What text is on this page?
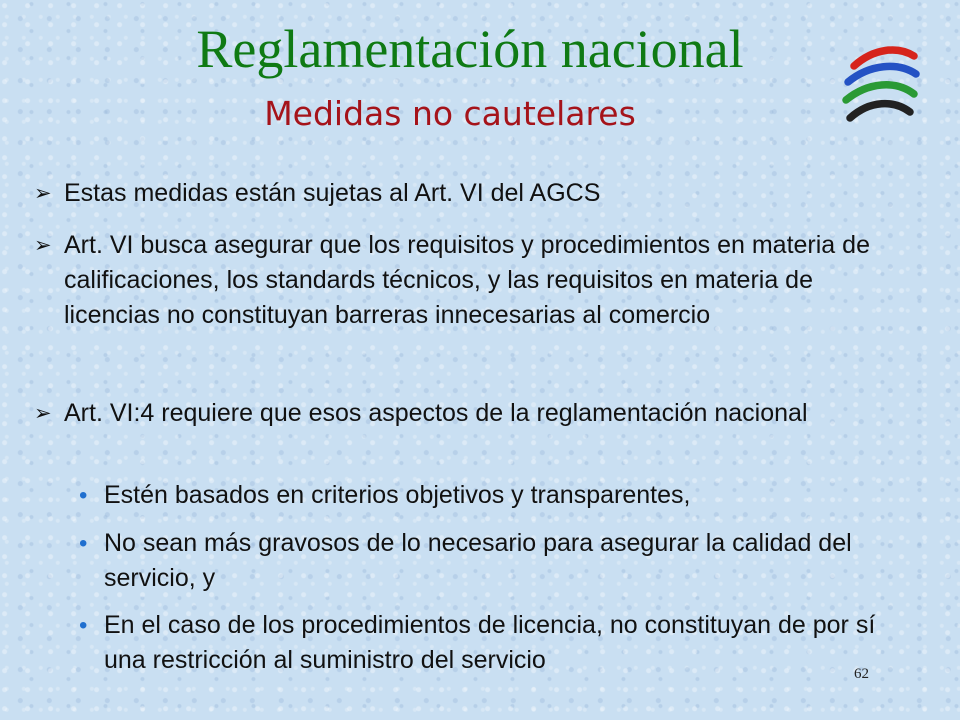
Reglamentación nacional
Medidas no cautelares
➢ Estas medidas están sujetas al Art. VI del AGCS
➢ Art. VI busca asegurar que los requisitos y procedimientos en materia de calificaciones, los standards técnicos, y las requisitos en materia de licencias no constituyan barreras innecesarias al comercio
➢ Art. VI:4 requiere que esos aspectos de la reglamentación nacional
• Estén basados en criterios objetivos y transparentes,
• No sean más gravosos de lo necesario para asegurar la calidad del servicio, y
• En el caso de los procedimientos de licencia, no constituyan de por sí una restricción al suministro del servicio	62
